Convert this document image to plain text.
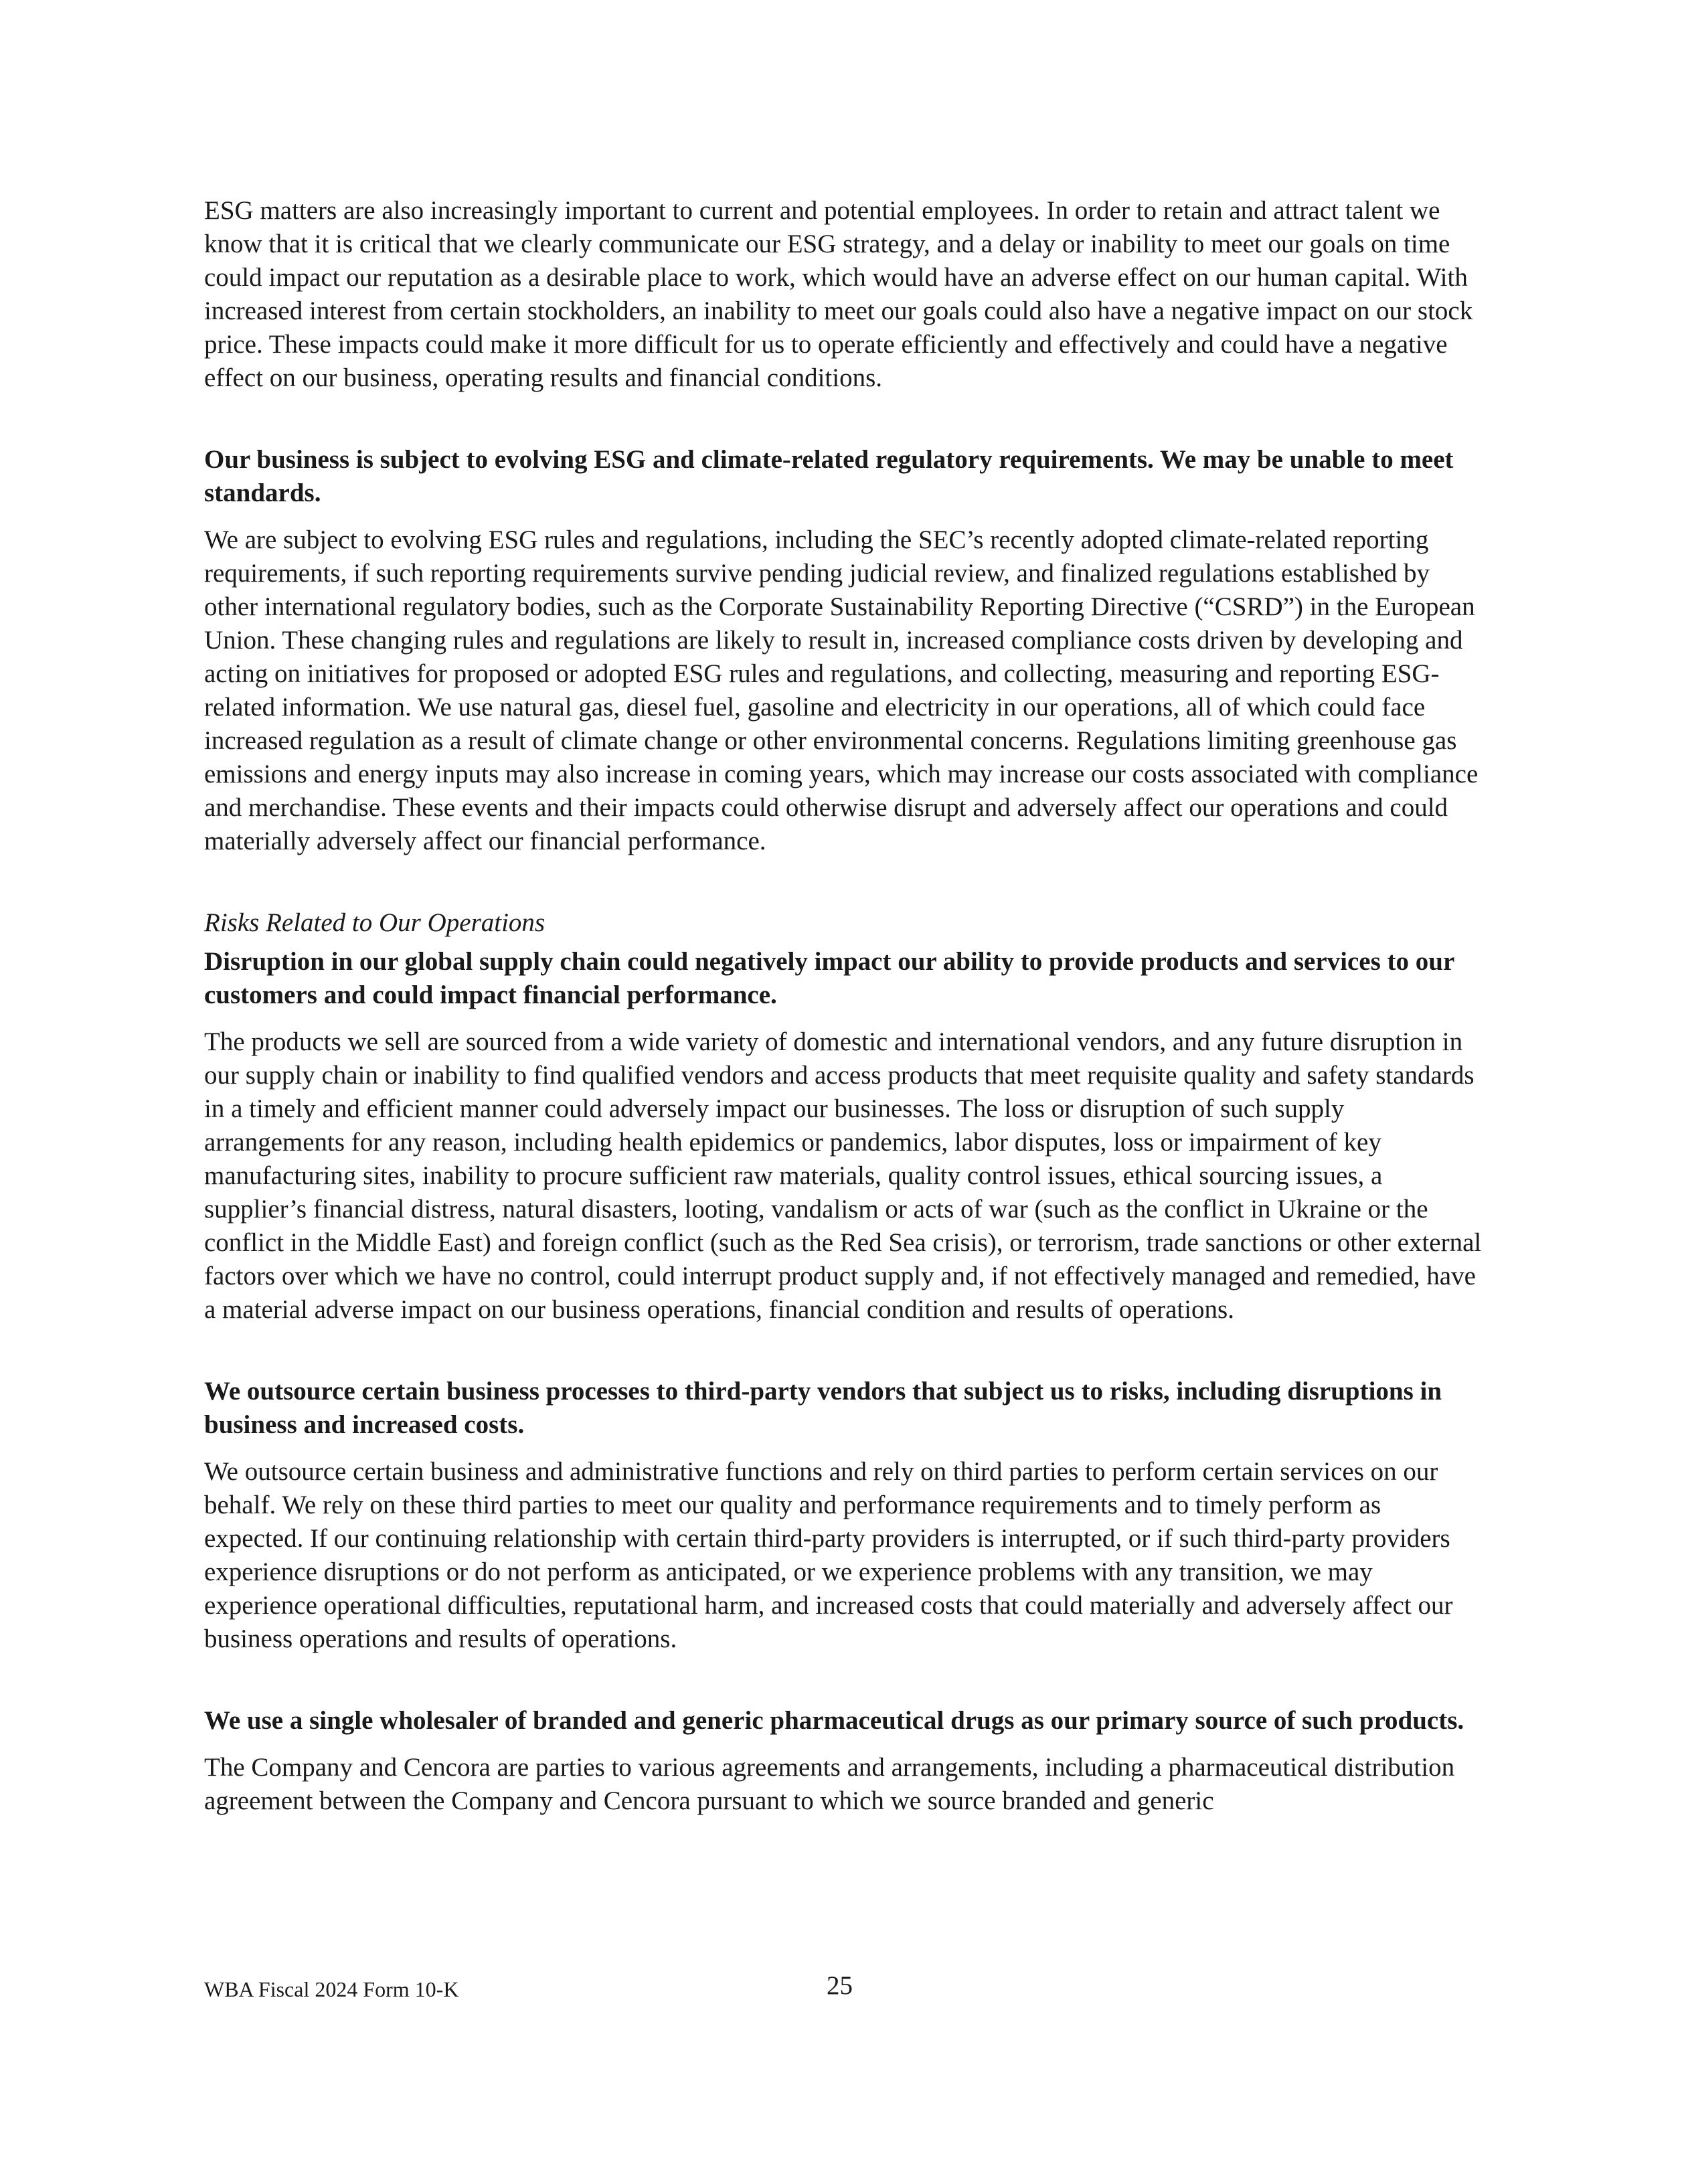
ESG matters are also increasingly important to current and potential employees. In order to retain and attract talent we know that it is critical that we clearly communicate our ESG strategy, and a delay or inability to meet our goals on time could impact our reputation as a desirable place to work, which would have an adverse effect on our human capital. With increased interest from certain stockholders, an inability to meet our goals could also have a negative impact on our stock price. These impacts could make it more difficult for us to operate efficiently and effectively and could have a negative effect on our business, operating results and financial conditions.

Our business is subject to evolving ESG and climate-related regulatory requirements. We may be unable to meet standards.

We are subject to evolving ESG rules and regulations, including the SEC’s recently adopted climate-related reporting requirements, if such reporting requirements survive pending judicial review, and finalized regulations established by other international regulatory bodies, such as the Corporate Sustainability Reporting Directive (“CSRD”) in the European Union. These changing rules and regulations are likely to result in, increased compliance costs driven by developing and acting on initiatives for proposed or adopted ESG rules and regulations, and collecting, measuring and reporting ESG-related information. We use natural gas, diesel fuel, gasoline and electricity in our operations, all of which could face increased regulation as a result of climate change or other environmental concerns. Regulations limiting greenhouse gas emissions and energy inputs may also increase in coming years, which may increase our costs associated with compliance and merchandise. These events and their impacts could otherwise disrupt and adversely affect our operations and could materially adversely affect our financial performance.

Risks Related to Our Operations

Disruption in our global supply chain could negatively impact our ability to provide products and services to our customers and could impact financial performance.

The products we sell are sourced from a wide variety of domestic and international vendors, and any future disruption in our supply chain or inability to find qualified vendors and access products that meet requisite quality and safety standards in a timely and efficient manner could adversely impact our businesses. The loss or disruption of such supply arrangements for any reason, including health epidemics or pandemics, labor disputes, loss or impairment of key manufacturing sites, inability to procure sufficient raw materials, quality control issues, ethical sourcing issues, a supplier’s financial distress, natural disasters, looting, vandalism or acts of war (such as the conflict in Ukraine or the conflict in the Middle East) and foreign conflict (such as the Red Sea crisis), or terrorism, trade sanctions or other external factors over which we have no control, could interrupt product supply and, if not effectively managed and remedied, have a material adverse impact on our business operations, financial condition and results of operations.

We outsource certain business processes to third-party vendors that subject us to risks, including disruptions in business and increased costs.

We outsource certain business and administrative functions and rely on third parties to perform certain services on our behalf. We rely on these third parties to meet our quality and performance requirements and to timely perform as expected. If our continuing relationship with certain third-party providers is interrupted, or if such third-party providers experience disruptions or do not perform as anticipated, or we experience problems with any transition, we may experience operational difficulties, reputational harm, and increased costs that could materially and adversely affect our business operations and results of operations.

We use a single wholesaler of branded and generic pharmaceutical drugs as our primary source of such products.

The Company and Cencora are parties to various agreements and arrangements, including a pharmaceutical distribution agreement between the Company and Cencora pursuant to which we source branded and generic

WBA Fiscal 2024 Form 10-K	25
